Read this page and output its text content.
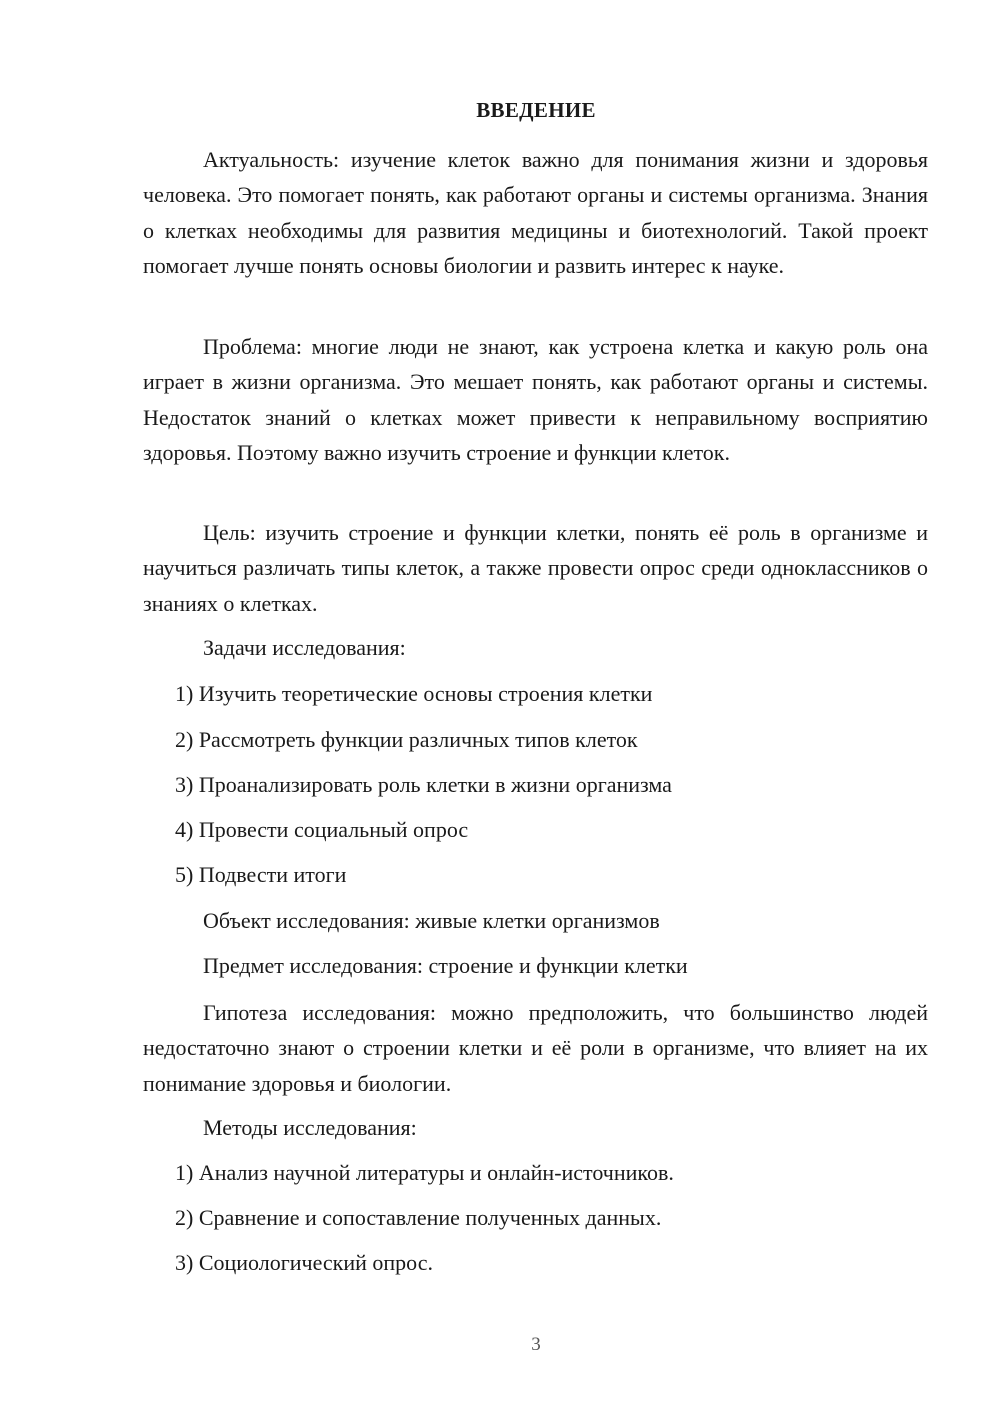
ВВЕДЕНИЕ

Актуальность: изучение клеток важно для понимания жизни и здоровья человека. Это помогает понять, как работают органы и системы организма. Знания о клетках необходимы для развития медицины и биотехнологий. Такой проект помогает лучше понять основы биологии и развить интерес к науке.

Проблема: многие люди не знают, как устроена клетка и какую роль она играет в жизни организма. Это мешает понять, как работают органы и системы. Недостаток знаний о клетках может привести к неправильному восприятию здоровья. Поэтому важно изучить строение и функции клеток.

Цель: изучить строение и функции клетки, понять её роль в организме и научиться различать типы клеток, а также провести опрос среди одноклассников о знаниях о клетках.

Задачи исследования:

1) Изучить теоретические основы строения клетки

2) Рассмотреть функции различных типов клеток

3) Проанализировать роль клетки в жизни организма

4) Провести социальный опрос

5) Подвести итоги

Объект исследования: живые клетки организмов

Предмет исследования: строение и функции клетки

Гипотеза исследования: можно предположить, что большинство людей недостаточно знают о строении клетки и её роли в организме, что влияет на их понимание здоровья и биологии.

Методы исследования:

1) Анализ научной литературы и онлайн-источников.

2) Сравнение и сопоставление полученных данных.

3) Социологический опрос.

3
